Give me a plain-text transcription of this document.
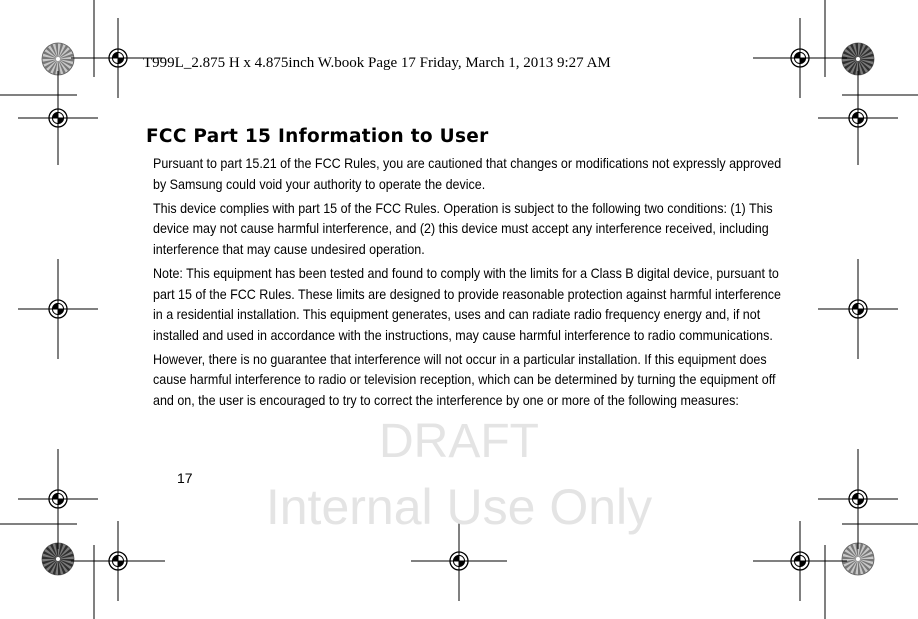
DRAFT
Internal Use Only
T999L_2.875 H x 4.875inch W.book Page 17 Friday, March 1, 2013 9:27 AM
FCC Part 15 Information to User

Pursuant to part 15.21 of the FCC Rules, you are cautioned that changes or modifications not expressly approved by Samsung could void your authority to operate the device.

This device complies with part 15 of the FCC Rules. Operation is subject to the following two conditions: (1) This device may not cause harmful interference, and (2) this device must accept any interference received, including interference that may cause undesired operation.

Note: This equipment has been tested and found to comply with the limits for a Class B digital device, pursuant to part 15 of the FCC Rules. These limits are designed to provide reasonable protection against harmful interference in a residential installation. This equipment generates, uses and can radiate radio frequency energy and, if not installed and used in accordance with the instructions, may cause harmful interference to radio communications.

However, there is no guarantee that interference will not occur in a particular installation. If this equipment does cause harmful interference to radio or television reception, which can be determined by turning the equipment off and on, the user is encouraged to try to correct the interference by one or more of the following measures:

17
